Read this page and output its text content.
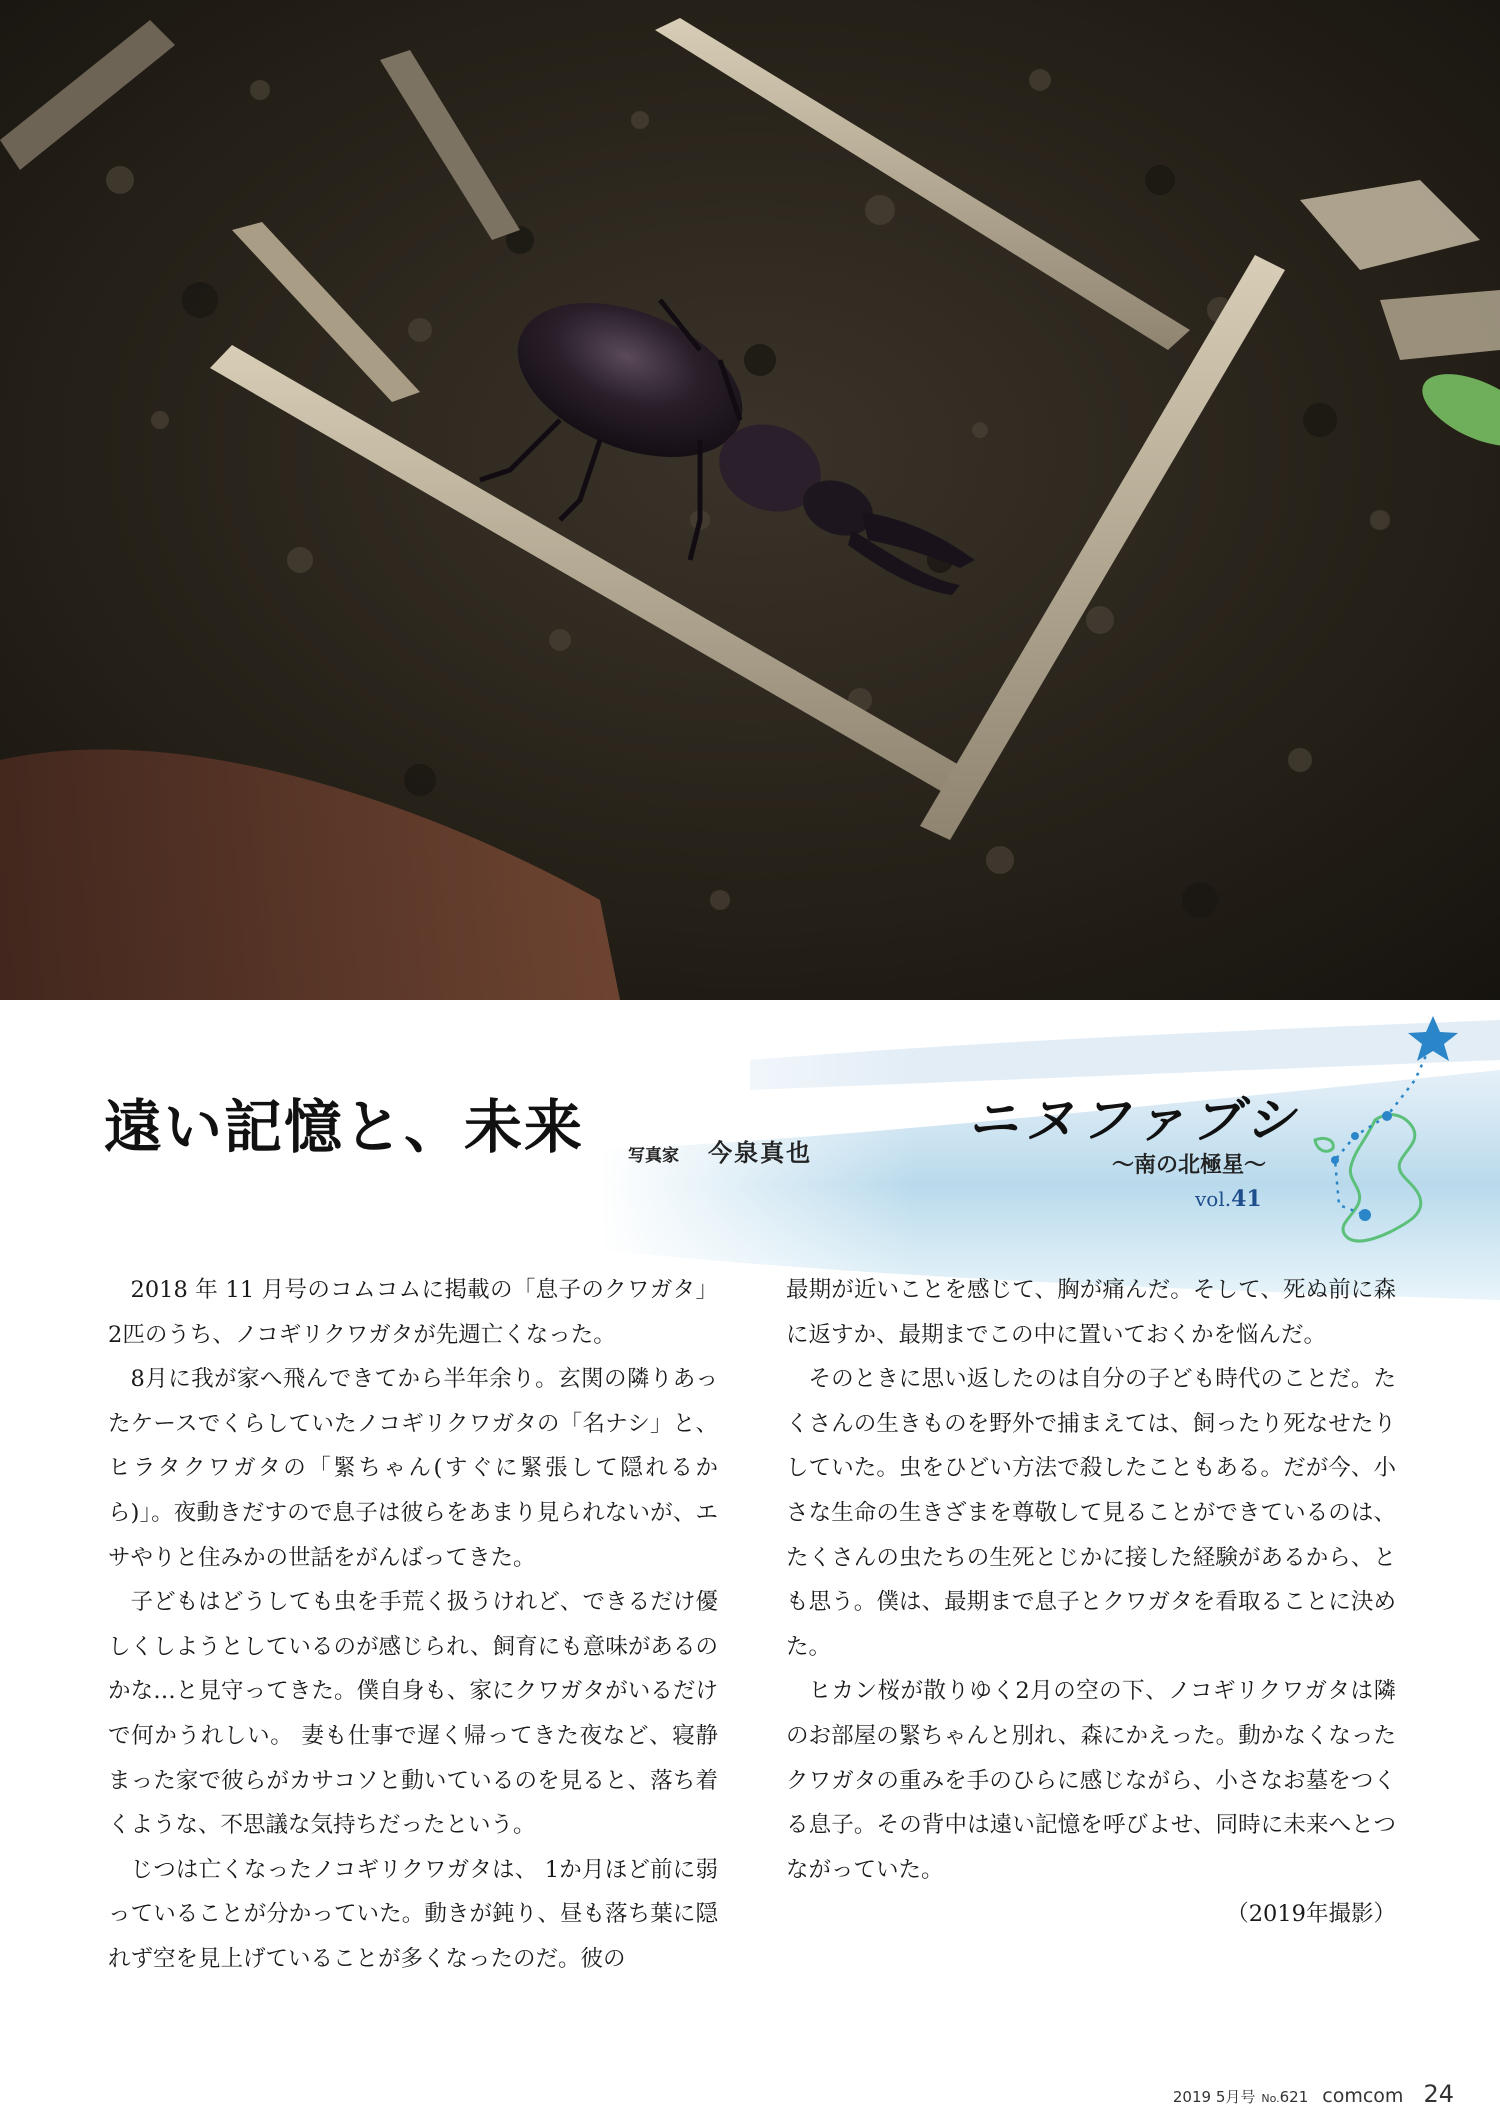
遠い記憶と、未来	写真家 今泉真也
ニヌファブシ
〜南の北極星〜
vol.41

2018 年 11 月号のコムコムに掲載の「息子のクワガタ」 2匹のうち、ノコギリクワガタが先週亡くなった。

8月に我が家へ飛んできてから半年余り。玄関の隣りあったケースでくらしていたノコギリクワガタの「名ナシ」と、ヒラタクワガタの「緊ちゃん(すぐに緊張して隠れるから)」。夜動きだすので息子は彼らをあまり見られないが、エサやりと住みかの世話をがんばってきた。

子どもはどうしても虫を手荒く扱うけれど、できるだけ優しくしようとしているのが感じられ、飼育にも意味があるのかな…と見守ってきた。僕自身も、家にクワガタがいるだけで何かうれしい。 妻も仕事で遅く帰ってきた夜など、寝静まった家で彼らがカサコソと動いているのを見ると、落ち着くような、不思議な気持ちだったという。

じつは亡くなったノコギリクワガタは、 1か月ほど前に弱っていることが分かっていた。動きが鈍り、昼も落ち葉に隠れず空を見上げていることが多くなったのだ。彼の

最期が近いことを感じて、胸が痛んだ。そして、死ぬ前に森に返すか、最期までこの中に置いておくかを悩んだ。

そのときに思い返したのは自分の子ども時代のことだ。たくさんの生きものを野外で捕まえては、飼ったり死なせたりしていた。虫をひどい方法で殺したこともある。だが今、小さな生命の生きざまを尊敬して見ることができているのは、たくさんの虫たちの生死とじかに接した経験があるから、とも思う。僕は、最期まで息子とクワガタを看取ることに決めた。

ヒカン桜が散りゆく2月の空の下、ノコギリクワガタは隣のお部屋の緊ちゃんと別れ、森にかえった。動かなくなったクワガタの重みを手のひらに感じながら、小さなお墓をつくる息子。その背中は遠い記憶を呼びよせ、同時に未来へとつながっていた。

（2019年撮影）

2019 5月号 No.621 comcom 24
